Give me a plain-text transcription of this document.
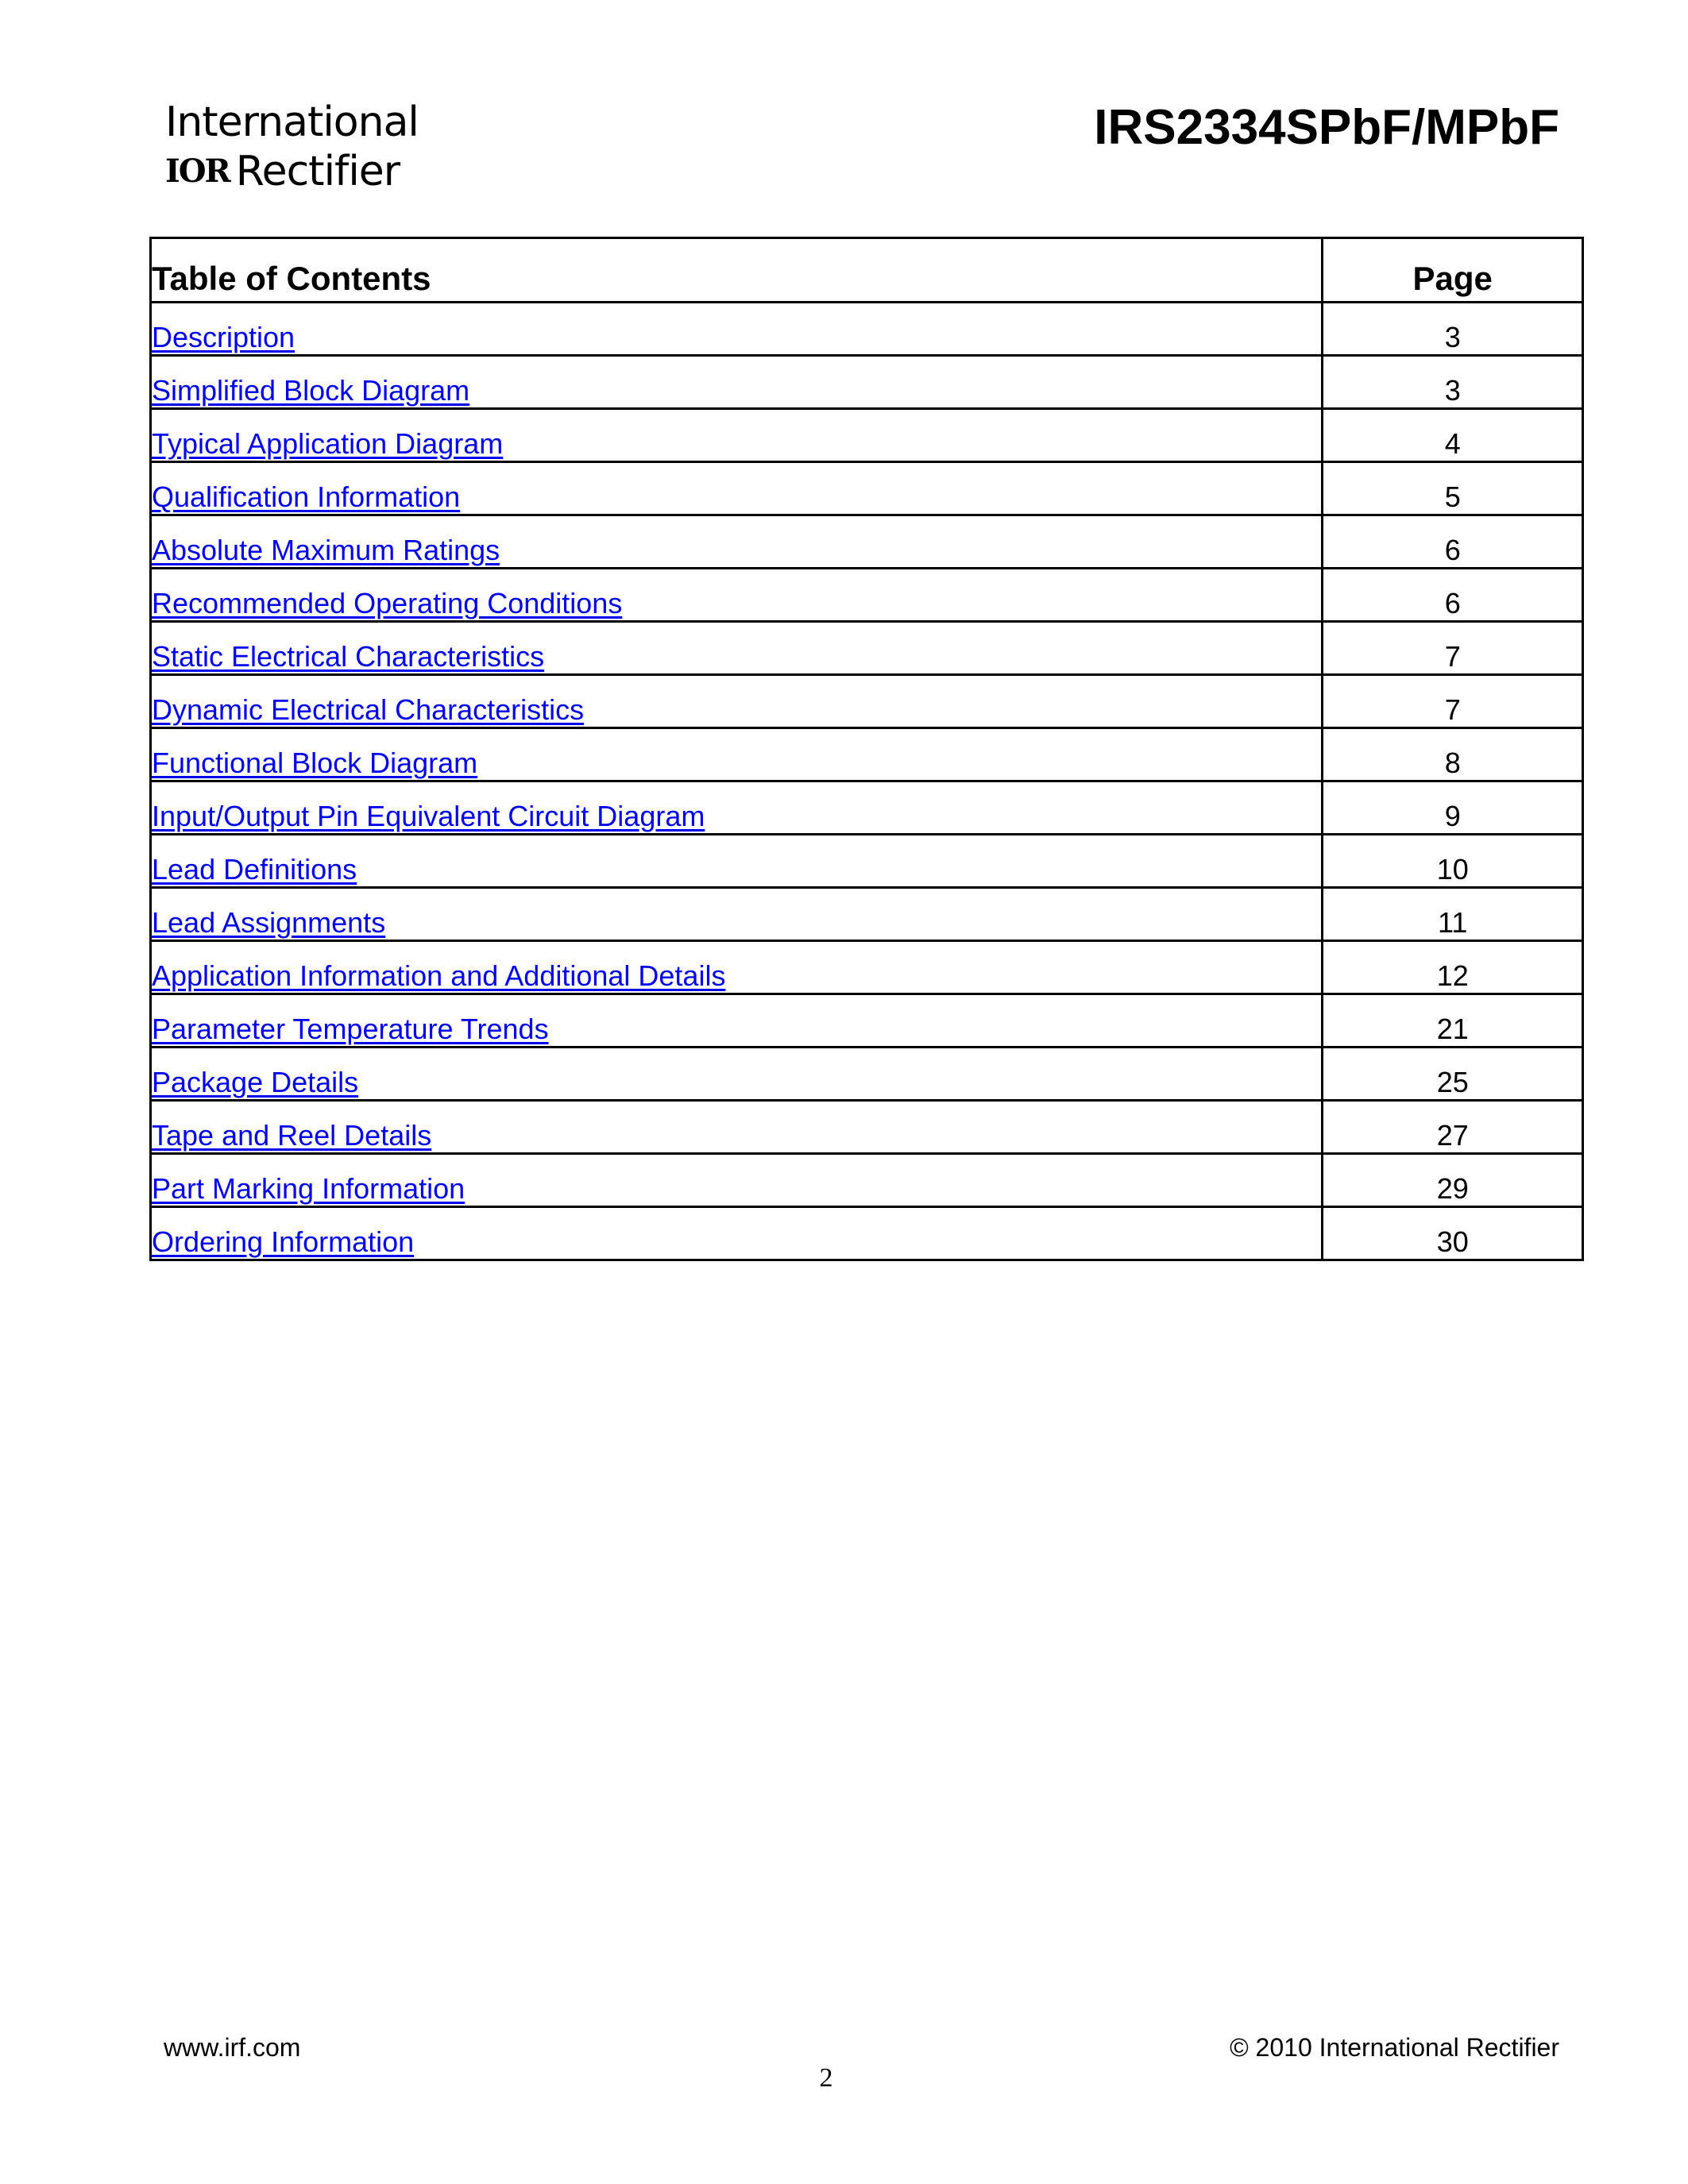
International
IOR Rectifier
IRS2334SPbF/MPbF
Table of Contents	Page
Description	3
Simplified Block Diagram	3
Typical Application Diagram	4
Qualification Information	5
Absolute Maximum Ratings	6
Recommended Operating Conditions	6
Static Electrical Characteristics	7
Dynamic Electrical Characteristics	7
Functional Block Diagram	8
Input/Output Pin Equivalent Circuit Diagram	9
Lead Definitions	10
Lead Assignments	11
Application Information and Additional Details	12
Parameter Temperature Trends	21
Package Details	25
Tape and Reel Details	27
Part Marking Information	29
Ordering Information	30
www.irf.com	© 2010 International Rectifier
2
